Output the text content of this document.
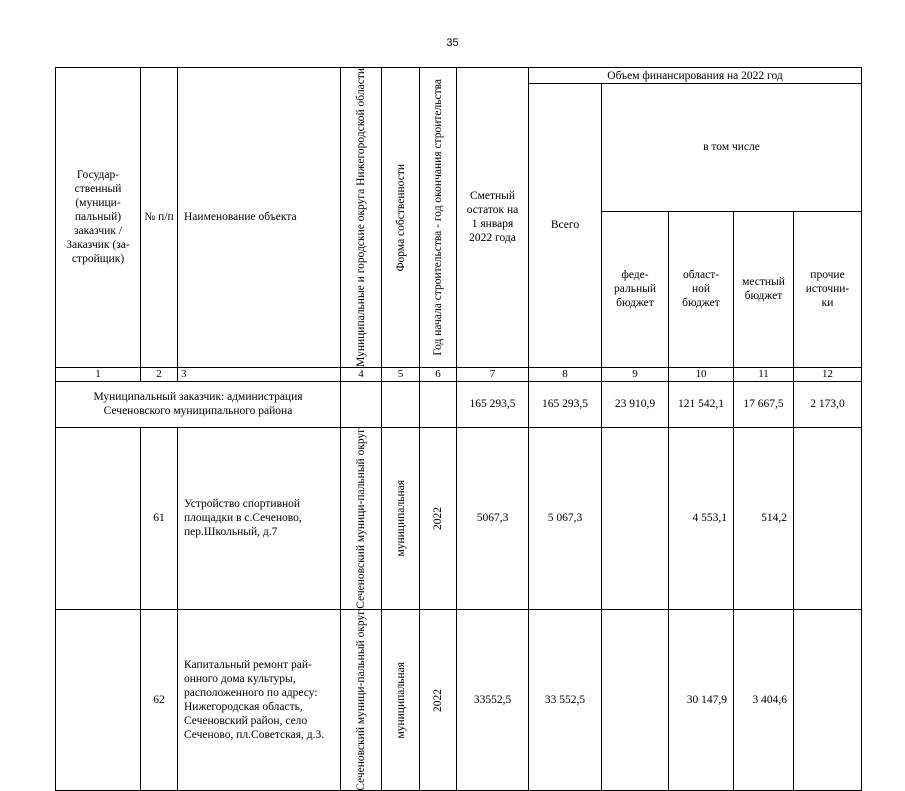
35
Государ-ственный (муници-пальный) заказчик / Заказчик (за-стройщик)	№ п/п	Наименование объекта	Муниципальные и городские округа Нижегородской области	Форма собственности	Год начала строительства - год окончания строительства	Сметный остаток на 1 января 2022 года	Объем финансирования на 2022 год				
							Всего	в том числе			
								феде-ральный бюджет	област-ной бюджет	местный бюджет	прочие источни-ки
1	2	3	4	5	6	7	8	9	10	11	12
Муниципальный заказчик: администрация Сеченовского муниципального района						165 293,5	165 293,5	23 910,9	121 542,1	17 667,5	2 173,0
	61	Устройство спортивной площадки в с.Сеченово, пер.Школьный, д.7	Сеченовский муници-пальный округ	муниципальная	2022	5067,3	5 067,3		4 553,1	514,2	
	62	Капитальный ремонт рай-онного дома культуры, расположенного по адресу: Нижегородская область, Сеченовский район, село Сеченово, пл.Советская, д.3.	Сеченовский муници-пальный округ	муниципальная	2022	33552,5	33 552,5		30 147,9	3 404,6	
